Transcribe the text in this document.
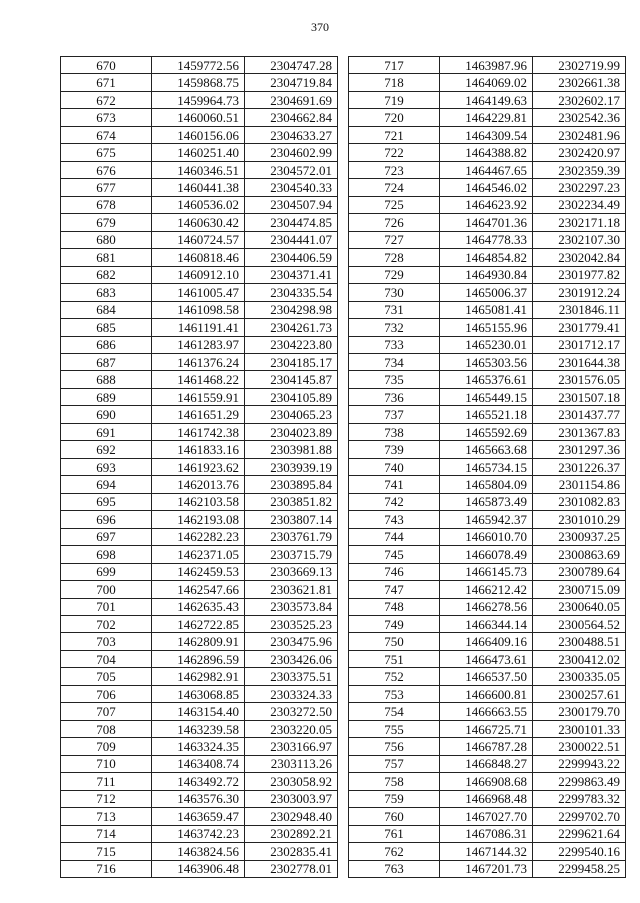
370
670	1459772.56	2304747.28
671	1459868.75	2304719.84
672	1459964.73	2304691.69
673	1460060.51	2304662.84
674	1460156.06	2304633.27
675	1460251.40	2304602.99
676	1460346.51	2304572.01
677	1460441.38	2304540.33
678	1460536.02	2304507.94
679	1460630.42	2304474.85
680	1460724.57	2304441.07
681	1460818.46	2304406.59
682	1460912.10	2304371.41
683	1461005.47	2304335.54
684	1461098.58	2304298.98
685	1461191.41	2304261.73
686	1461283.97	2304223.80
687	1461376.24	2304185.17
688	1461468.22	2304145.87
689	1461559.91	2304105.89
690	1461651.29	2304065.23
691	1461742.38	2304023.89
692	1461833.16	2303981.88
693	1461923.62	2303939.19
694	1462013.76	2303895.84
695	1462103.58	2303851.82
696	1462193.08	2303807.14
697	1462282.23	2303761.79
698	1462371.05	2303715.79
699	1462459.53	2303669.13
700	1462547.66	2303621.81
701	1462635.43	2303573.84
702	1462722.85	2303525.23
703	1462809.91	2303475.96
704	1462896.59	2303426.06
705	1462982.91	2303375.51
706	1463068.85	2303324.33
707	1463154.40	2303272.50
708	1463239.58	2303220.05
709	1463324.35	2303166.97
710	1463408.74	2303113.26
711	1463492.72	2303058.92
712	1463576.30	2303003.97
713	1463659.47	2302948.40
714	1463742.23	2302892.21
715	1463824.56	2302835.41
716	1463906.48	2302778.01
717	1463987.96	2302719.99
718	1464069.02	2302661.38
719	1464149.63	2302602.17
720	1464229.81	2302542.36
721	1464309.54	2302481.96
722	1464388.82	2302420.97
723	1464467.65	2302359.39
724	1464546.02	2302297.23
725	1464623.92	2302234.49
726	1464701.36	2302171.18
727	1464778.33	2302107.30
728	1464854.82	2302042.84
729	1464930.84	2301977.82
730	1465006.37	2301912.24
731	1465081.41	2301846.11
732	1465155.96	2301779.41
733	1465230.01	2301712.17
734	1465303.56	2301644.38
735	1465376.61	2301576.05
736	1465449.15	2301507.18
737	1465521.18	2301437.77
738	1465592.69	2301367.83
739	1465663.68	2301297.36
740	1465734.15	2301226.37
741	1465804.09	2301154.86
742	1465873.49	2301082.83
743	1465942.37	2301010.29
744	1466010.70	2300937.25
745	1466078.49	2300863.69
746	1466145.73	2300789.64
747	1466212.42	2300715.09
748	1466278.56	2300640.05
749	1466344.14	2300564.52
750	1466409.16	2300488.51
751	1466473.61	2300412.02
752	1466537.50	2300335.05
753	1466600.81	2300257.61
754	1466663.55	2300179.70
755	1466725.71	2300101.33
756	1466787.28	2300022.51
757	1466848.27	2299943.22
758	1466908.68	2299863.49
759	1466968.48	2299783.32
760	1467027.70	2299702.70
761	1467086.31	2299621.64
762	1467144.32	2299540.16
763	1467201.73	2299458.25
